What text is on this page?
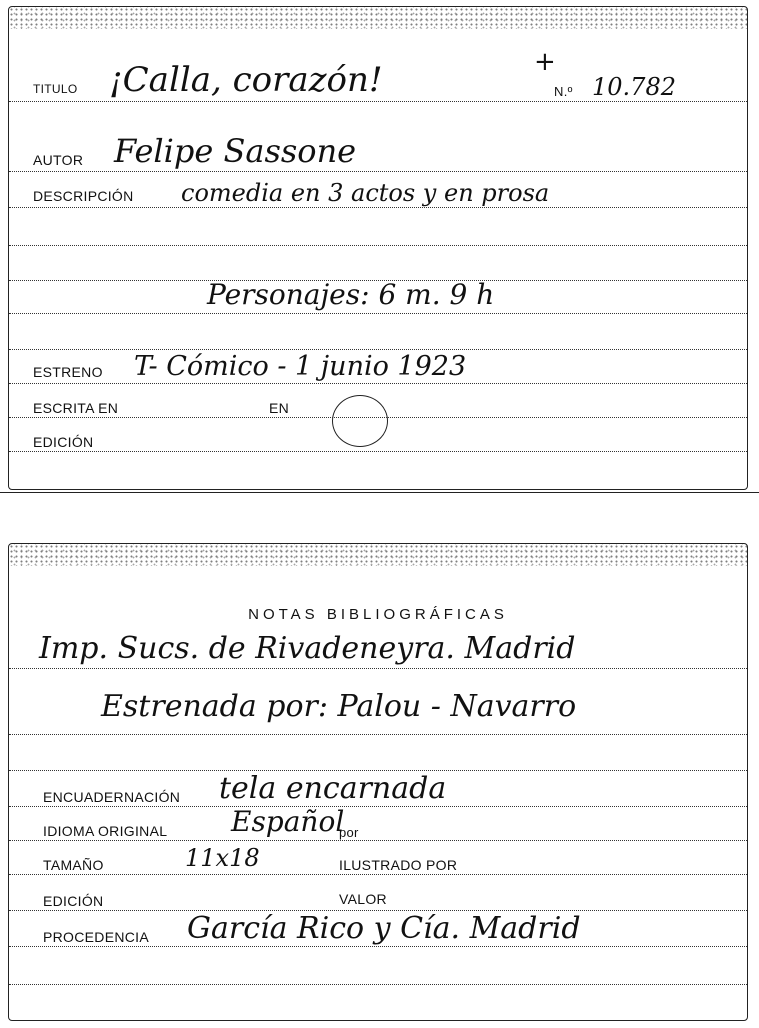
TITULO ¡Calla, corazón!	+
N.º 10.782
AUTOR Felipe Sassone
DESCRIPCIÓN comedia en 3 actos y en prosa
Personajes: 6 m. 9 h
ESTRENO T- Cómico - 1 junio 1923
ESCRITA EN	EN
EDICIÓN
NOTAS BIBLIOGRÁFICAS
Imp. Sucs. de Rivadeneyra. Madrid
Estrenada por: Palou - Navarro
ENCUADERNACIÓN tela encarnada
IDIOMA ORIGINAL Español
por
TAMAÑO	11x18	ILUSTRADO POR
EDICIÓN	VALOR
PROCEDENCIA García Rico y Cía. Madrid
